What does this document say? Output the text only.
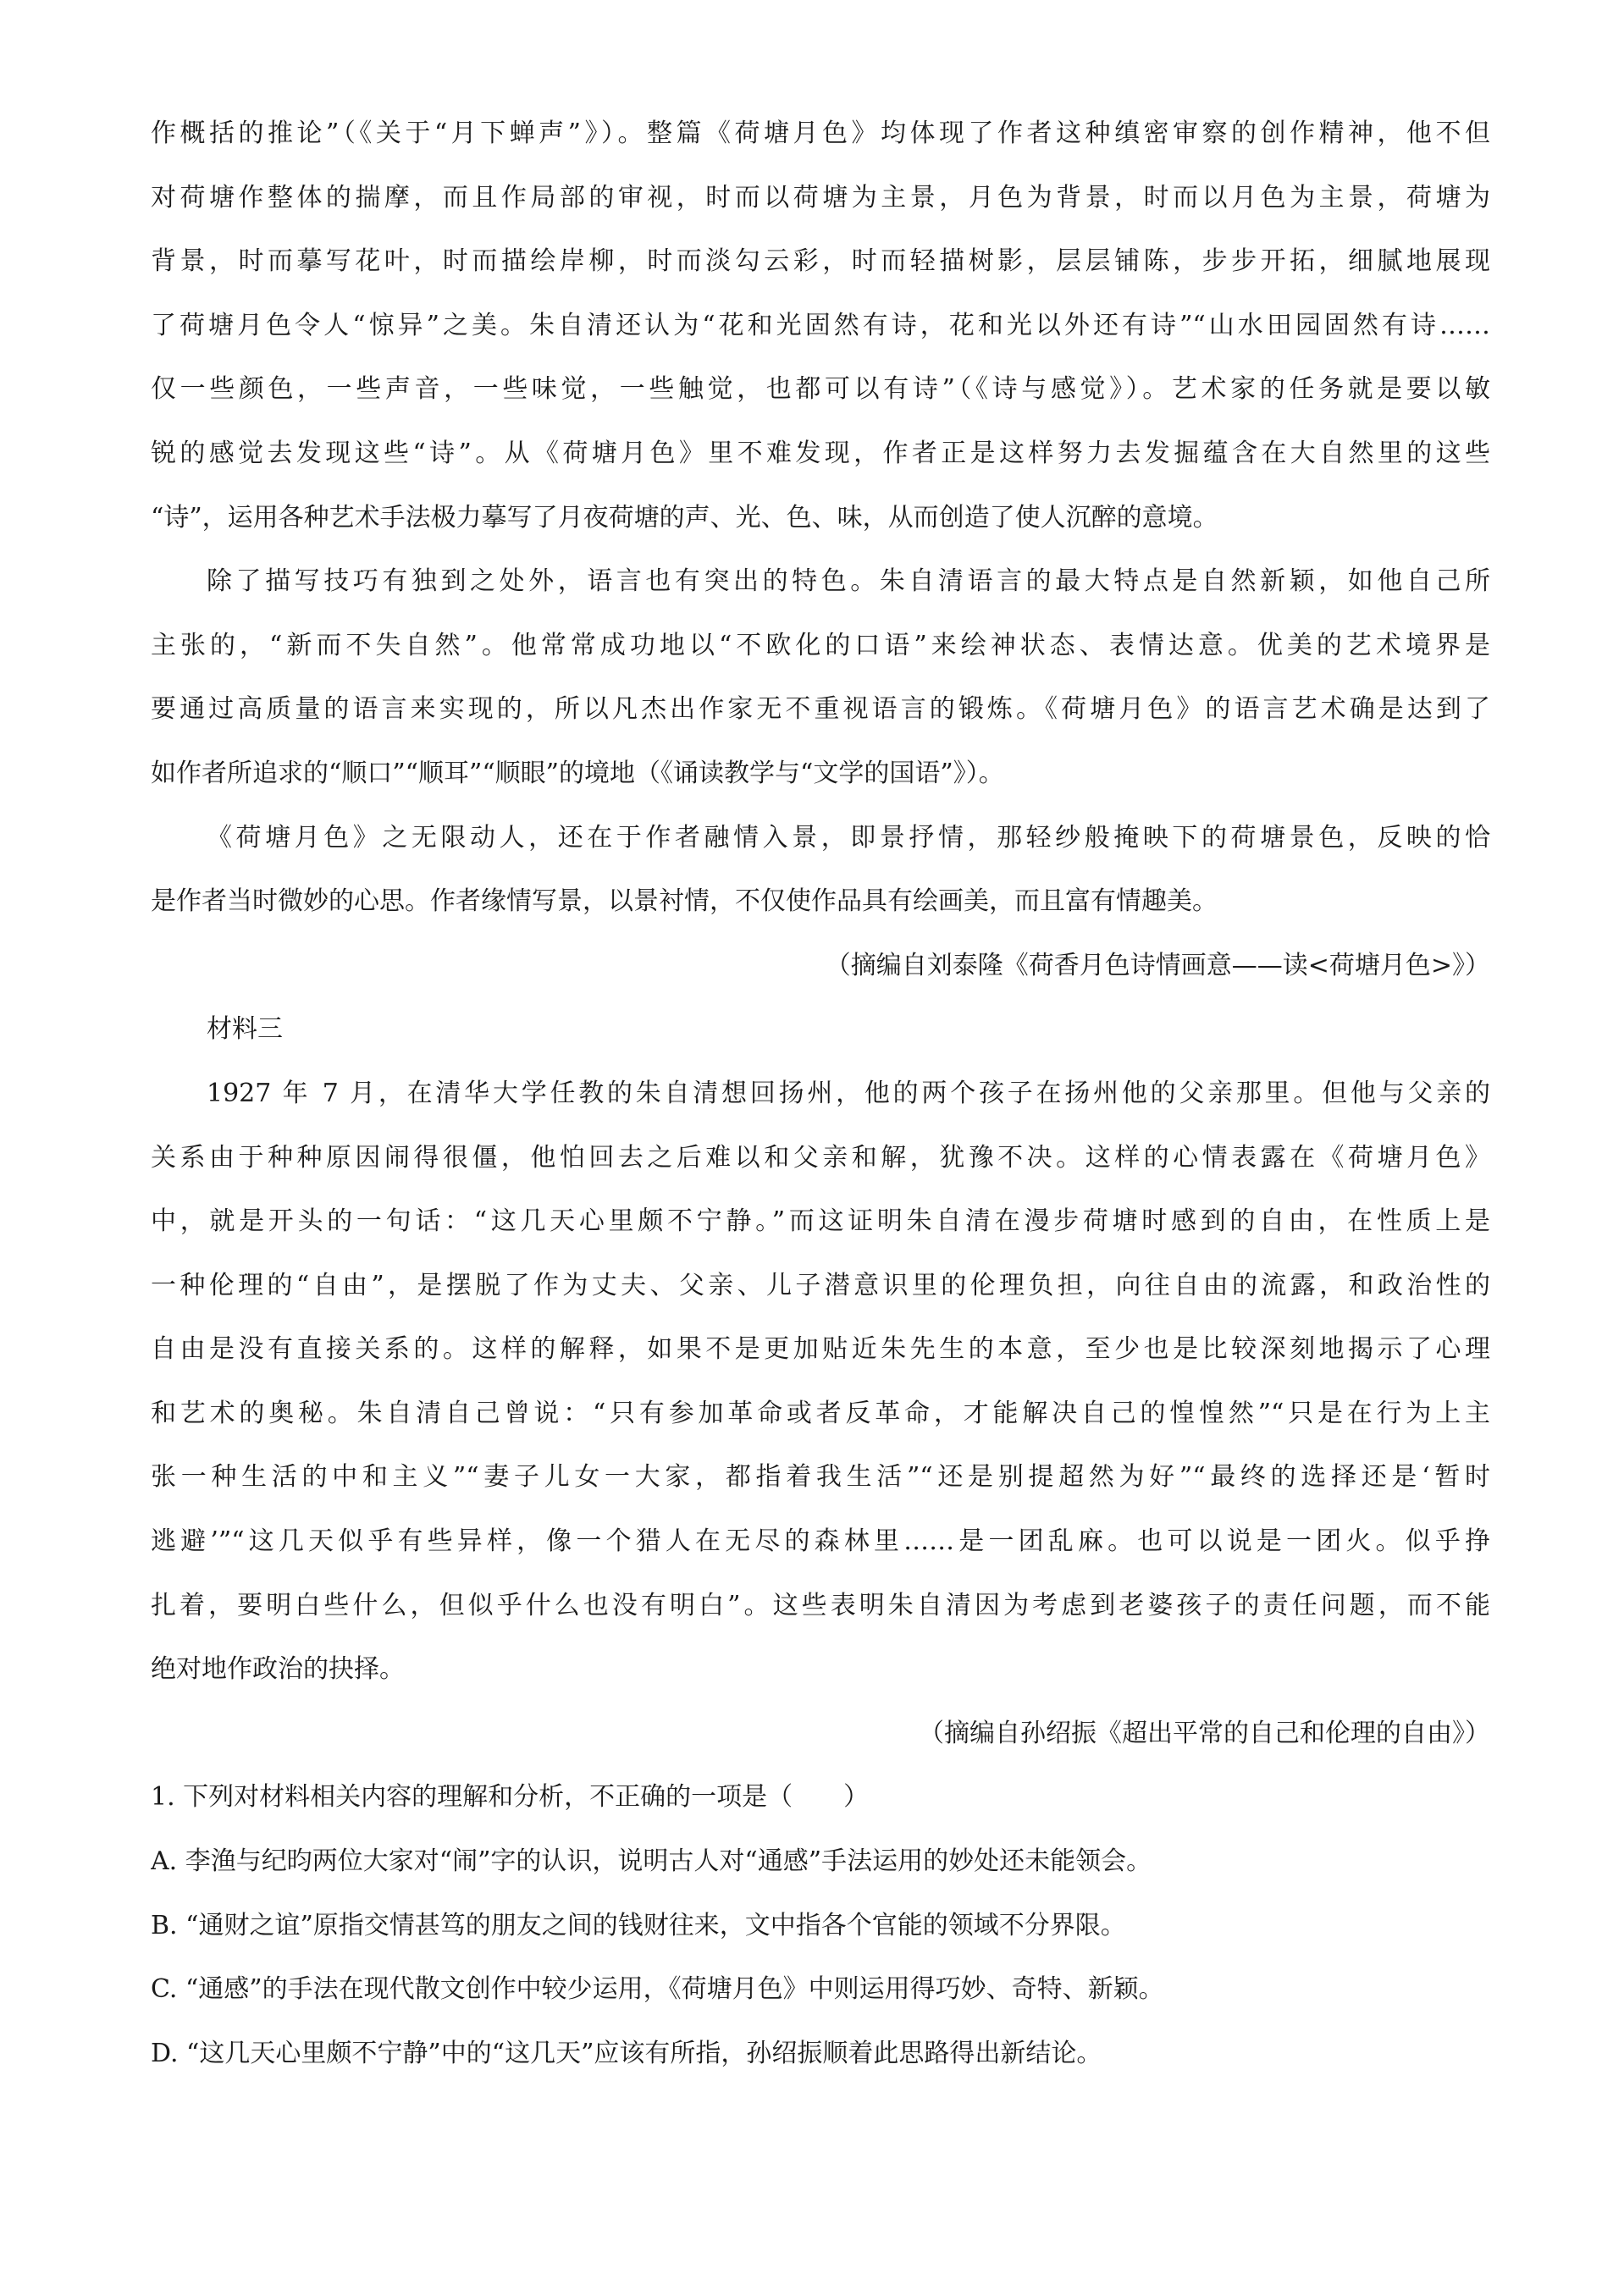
作概括的推论”（《关于“月下蝉声”》）。整篇《荷塘月色》均体现了作者这种缜密审察的创作精神，他不但
对荷塘作整体的揣摩，而且作局部的审视，时而以荷塘为主景，月色为背景，时而以月色为主景，荷塘为
背景，时而摹写花叶，时而描绘岸柳，时而淡勾云彩，时而轻描树影，层层铺陈，步步开拓，细腻地展现
了荷塘月色令人“惊异”之美。朱自清还认为“花和光固然有诗，花和光以外还有诗”“山水田园固然有诗……
仅一些颜色，一些声音，一些味觉，一些触觉，也都可以有诗”（《诗与感觉》）。艺术家的任务就是要以敏
锐的感觉去发现这些“诗”。从《荷塘月色》里不难发现，作者正是这样努力去发掘蕴含在大自然里的这些
“诗”，运用各种艺术手法极力摹写了月夜荷塘的声、光、色、味，从而创造了使人沉醉的意境。
除了描写技巧有独到之处外，语言也有突出的特色。朱自清语言的最大特点是自然新颖，如他自己所
主张的，“新而不失自然”。他常常成功地以“不欧化的口语”来绘神状态、表情达意。优美的艺术境界是
要通过高质量的语言来实现的，所以凡杰出作家无不重视语言的锻炼。《荷塘月色》的语言艺术确是达到了
如作者所追求的“顺口”“顺耳”“顺眼”的境地（《诵读教学与“文学的国语”》）。
《荷塘月色》之无限动人，还在于作者融情入景，即景抒情，那轻纱般掩映下的荷塘景色，反映的恰
是作者当时微妙的心思。作者缘情写景，以景衬情，不仅使作品具有绘画美，而且富有情趣美。
（摘编自刘泰隆《荷香月色诗情画意——读<荷塘月色>》）
材料三
1927 年 7 月，在清华大学任教的朱自清想回扬州，他的两个孩子在扬州他的父亲那里。但他与父亲的
关系由于种种原因闹得很僵，他怕回去之后难以和父亲和解，犹豫不决。这样的心情表露在《荷塘月色》
中，就是开头的一句话：“这几天心里颇不宁静。”而这证明朱自清在漫步荷塘时感到的自由，在性质上是
一种伦理的“自由”，是摆脱了作为丈夫、父亲、儿子潜意识里的伦理负担，向往自由的流露，和政治性的
自由是没有直接关系的。这样的解释，如果不是更加贴近朱先生的本意，至少也是比较深刻地揭示了心理
和艺术的奥秘。朱自清自己曾说：“只有参加革命或者反革命，才能解决自己的惶惶然”“只是在行为上主
张一种生活的中和主义”“妻子儿女一大家，都指着我生活”“还是别提超然为好”“最终的选择还是‘暂时
逃避’”“这几天似乎有些异样，像一个猎人在无尽的森林里……是一团乱麻。也可以说是一团火。似乎挣
扎着，要明白些什么，但似乎什么也没有明白”。这些表明朱自清因为考虑到老婆孩子的责任问题，而不能
绝对地作政治的抉择。
（摘编自孙绍振《超出平常的自己和伦理的自由》）
1. 下列对材料相关内容的理解和分析，不正确的一项是（　　）
A. 李渔与纪昀两位大家对“闹”字的认识，说明古人对“通感”手法运用的妙处还未能领会。
B. “通财之谊”原指交情甚笃的朋友之间的钱财往来，文中指各个官能的领域不分界限。
C. “通感”的手法在现代散文创作中较少运用，《荷塘月色》中则运用得巧妙、奇特、新颖。
D. “这几天心里颇不宁静”中的“这几天”应该有所指，孙绍振顺着此思路得出新结论。
